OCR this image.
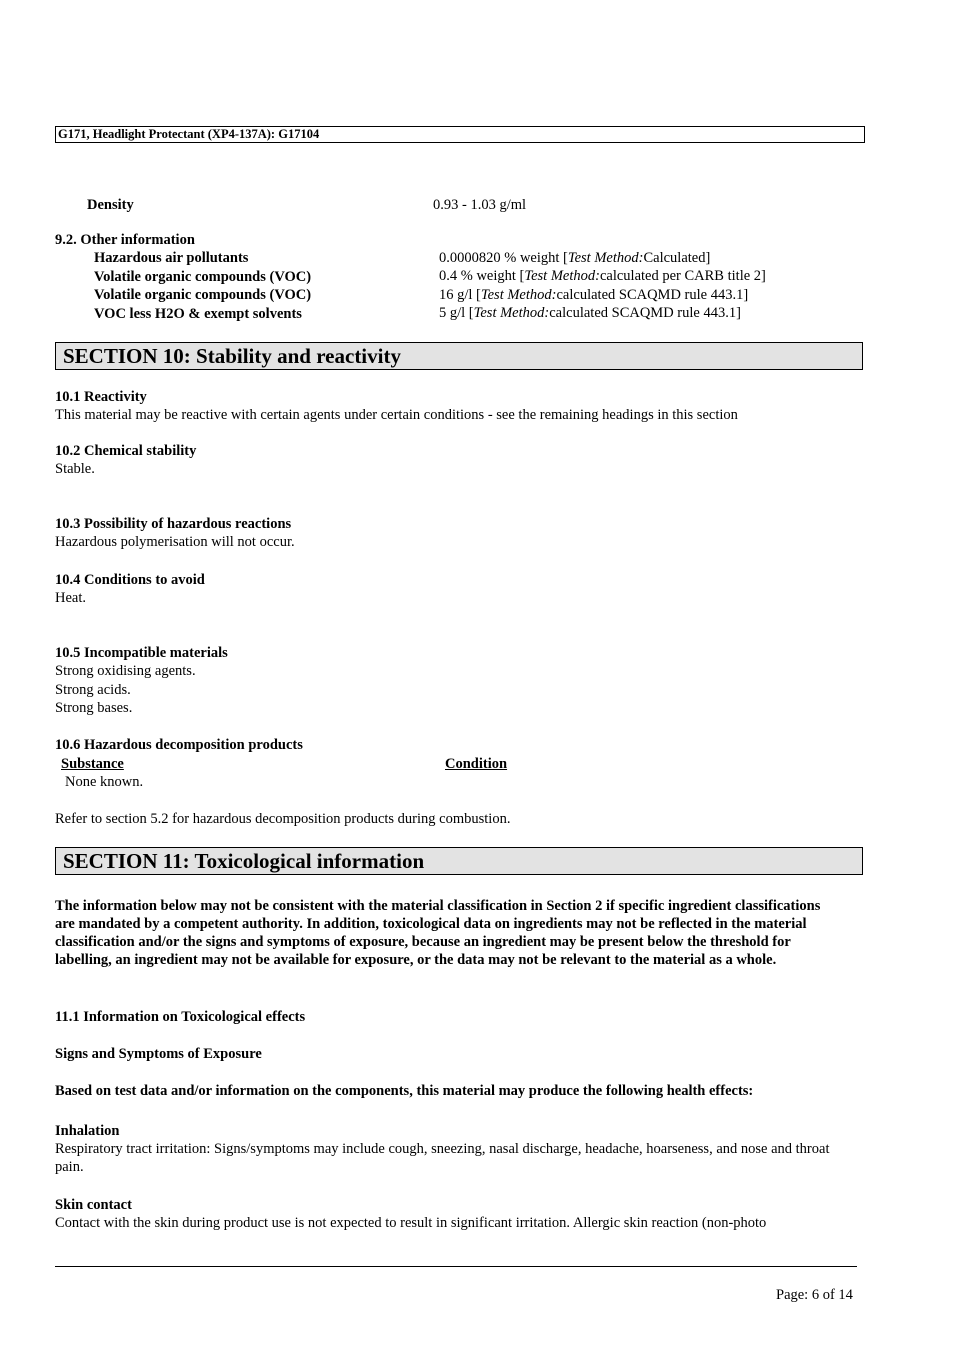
G171, Headlight Protectant (XP4-137A): G17104
Density	0.93 - 1.03 g/ml
9.2. Other information
Hazardous air pollutants	0.0000820 % weight [Test Method:Calculated]
Volatile organic compounds (VOC)	0.4 % weight [Test Method:calculated per CARB title 2]
Volatile organic compounds (VOC)	16 g/l [Test Method:calculated SCAQMD rule 443.1]
VOC less H2O & exempt solvents	5 g/l [Test Method:calculated SCAQMD rule 443.1]
SECTION 10: Stability and reactivity
10.1 Reactivity
This material may be reactive with certain agents under certain conditions - see the remaining headings in this section
10.2 Chemical stability
Stable.
10.3 Possibility of hazardous reactions
Hazardous polymerisation will not occur.
10.4 Conditions to avoid
Heat.
10.5 Incompatible materials
Strong oxidising agents.
Strong acids.
Strong bases.
10.6 Hazardous decomposition products
Substance	Condition
None known.
Refer to section 5.2 for hazardous decomposition products during combustion.
SECTION 11: Toxicological information
The information below may not be consistent with the material classification in Section 2 if specific ingredient classifications are mandated by a competent authority. In addition, toxicological data on ingredients may not be reflected in the material classification and/or the signs and symptoms of exposure, because an ingredient may be present below the threshold for labelling, an ingredient may not be available for exposure, or the data may not be relevant to the material as a whole.
11.1 Information on Toxicological effects
Signs and Symptoms of Exposure
Based on test data and/or information on the components, this material may produce the following health effects:
Inhalation
Respiratory tract irritation: Signs/symptoms may include cough, sneezing, nasal discharge, headache, hoarseness, and nose and throat pain.
Skin contact
Contact with the skin during product use is not expected to result in significant irritation. Allergic skin reaction (non-photo
Page: 6 of 14
